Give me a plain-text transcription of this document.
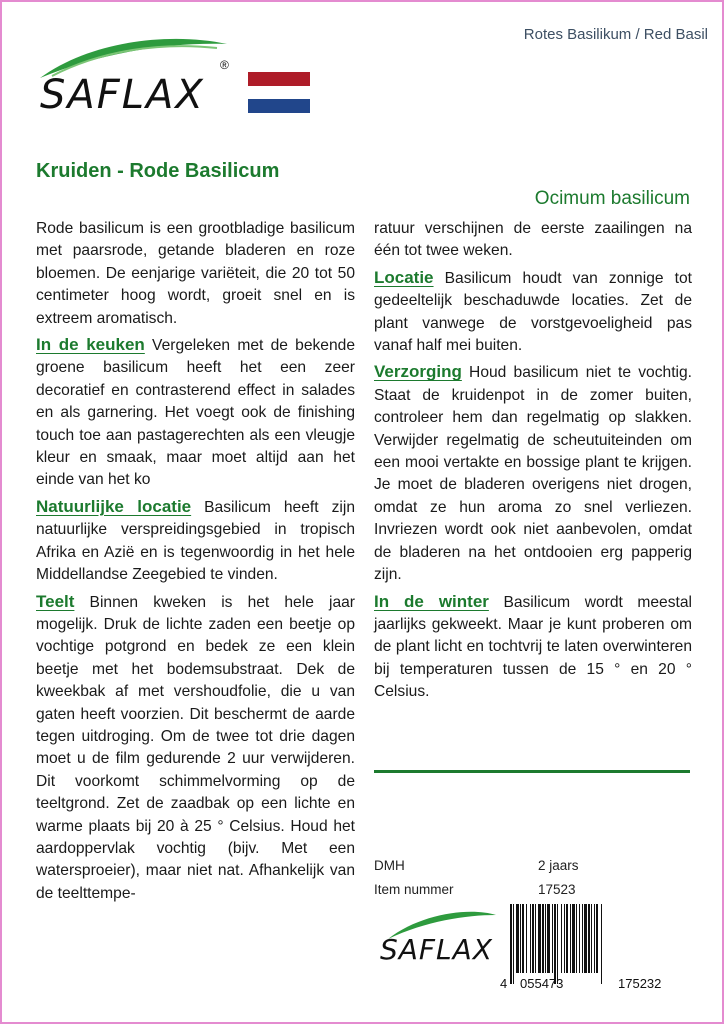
Rotes Basilikum / Red Basil
SAFLAX
®
Kruiden - Rode Basilicum
Ocimum basilicum

Rode basilicum is een grootbladige basilicum met paarsrode, getande bladeren en roze bloemen. De eenjarige variëteit, die 20 tot 50 centimeter hoog wordt, groeit snel en is extreem aromatisch.

In de keuken Vergeleken met de bekende groene basilicum heeft het een zeer decoratief en contrasterend effect in salades en als garnering. Het voegt ook de finishing touch toe aan pastagerechten als een vleugje kleur en smaak, maar moet altijd aan het einde van het ko

Natuurlijke locatie Basilicum heeft zijn natuurlijke verspreidingsgebied in tropisch Afrika en Azië en is tegenwoordig in het hele Middellandse Zeegebied te vinden.

Teelt Binnen kweken is het hele jaar mogelijk. Druk de lichte zaden een beetje op vochtige potgrond en bedek ze een klein beetje met het bodemsubstraat. Dek de kweekbak af met vershoudfolie, die u van gaten heeft voorzien. Dit beschermt de aarde tegen uitdroging. Om de twee tot drie dagen moet u de film gedurende 2 uur verwijderen. Dit voorkomt schimmelvorming op de teeltgrond. Zet de zaadbak op een lichte en warme plaats bij 20 à 25 ° Celsius. Houd het aardoppervlak vochtig (bijv. Met een watersproeier), maar niet nat. Afhankelijk van de teelttempe-

ratuur verschijnen de eerste zaailingen na één tot twee weken.

Locatie Basilicum houdt van zonnige tot gedeeltelijk beschaduwde locaties. Zet de plant vanwege de vorstgevoeligheid pas vanaf half mei buiten.

Verzorging Houd basilicum niet te vochtig. Staat de kruidenpot in de zomer buiten, controleer hem dan regelmatig op slakken. Verwijder regelmatig de scheutuiteinden om een mooi vertakte en bossige plant te krijgen. Je moet de bladeren overigens niet drogen, omdat ze hun aroma zo snel verliezen. Invriezen wordt ook niet aanbevolen, omdat de bladeren na het ontdooien erg papperig zijn.

In de winter Basilicum wordt meestal jaarlijks gekweekt. Maar je kunt proberen om de plant licht en tochtvrij te laten overwinteren bij temperaturen tussen de 15 ° en 20 ° Celsius.

DMH	2 jaars
Item nummer	17523
SAFLAX
4 055473	175232
